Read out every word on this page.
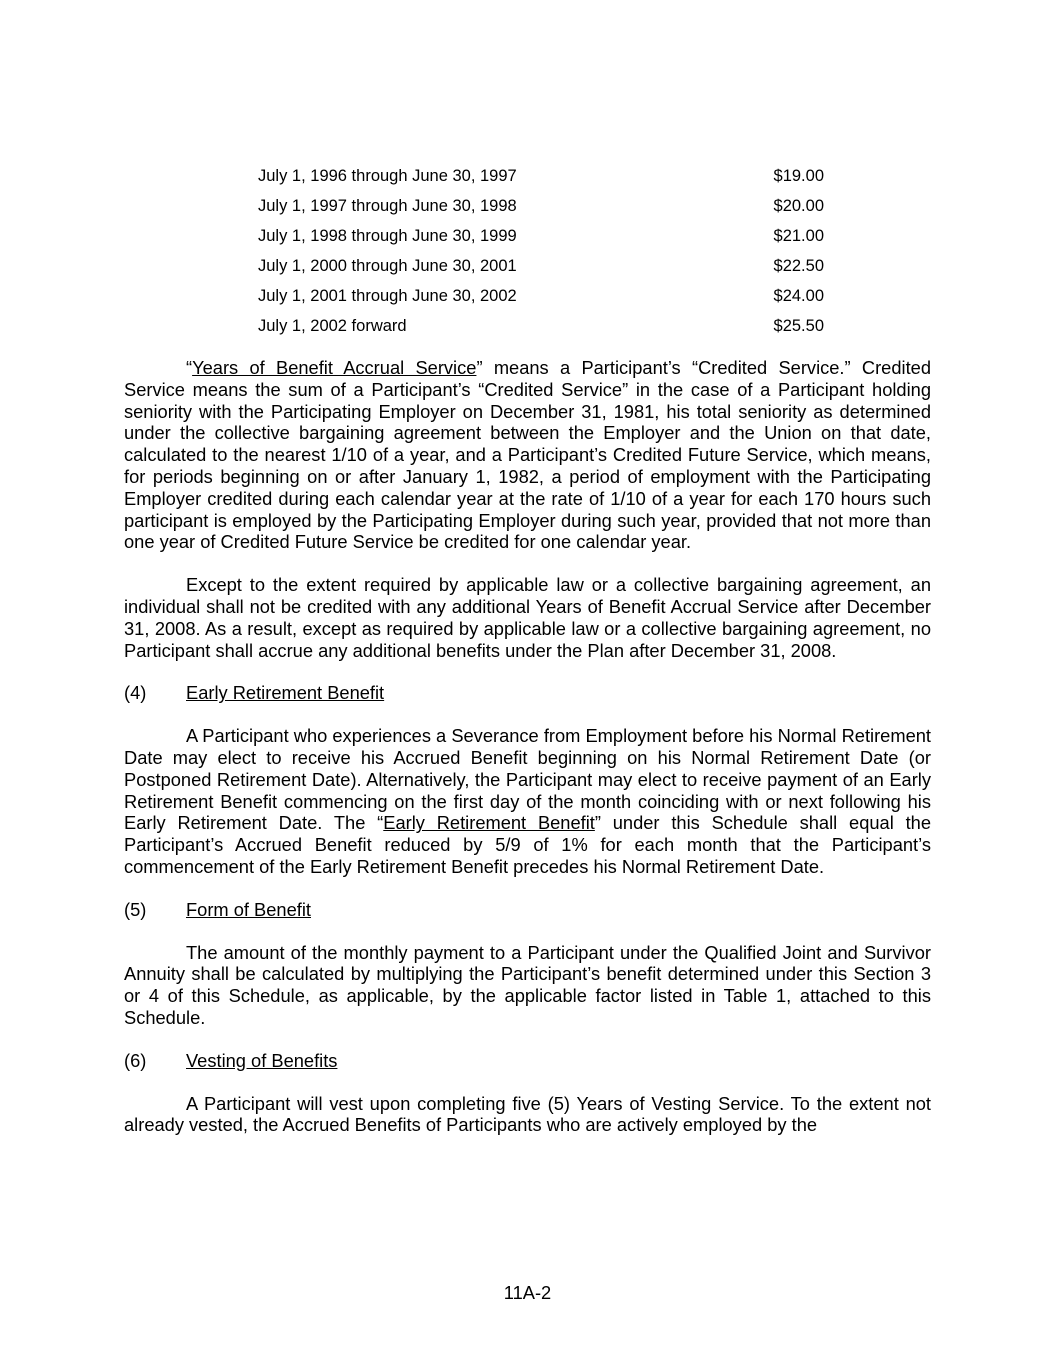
July 1, 1996 through June 30, 1997	$19.00
July 1, 1997 through June 30, 1998	$20.00
July 1, 1998 through June 30, 1999	$21.00
July 1, 2000 through June 30, 2001	$22.50
July 1, 2001 through June 30, 2002	$24.00
July 1, 2002 forward	$25.50

“Years of Benefit Accrual Service” means a Participant’s “Credited Service.” Credited Service means the sum of a Participant’s “Credited Service” in the case of a Participant holding seniority with the Participating Employer on December 31, 1981, his total seniority as determined under the collective bargaining agreement between the Employer and the Union on that date, calculated to the nearest 1/10 of a year, and a Participant’s Credited Future Service, which means, for periods beginning on or after January 1, 1982, a period of employment with the Participating Employer credited during each calendar year at the rate of 1/10 of a year for each 170 hours such participant is employed by the Participating Employer during such year, provided that not more than one year of Credited Future Service be credited for one calendar year.

Except to the extent required by applicable law or a collective bargaining agreement, an individual shall not be credited with any additional Years of Benefit Accrual Service after December 31, 2008. As a result, except as required by applicable law or a collective bargaining agreement, no Participant shall accrue any additional benefits under the Plan after December 31, 2008.

(4)	Early Retirement Benefit

A Participant who experiences a Severance from Employment before his Normal Retirement Date may elect to receive his Accrued Benefit beginning on his Normal Retirement Date (or Postponed Retirement Date). Alternatively, the Participant may elect to receive payment of an Early Retirement Benefit commencing on the first day of the month coinciding with or next following his Early Retirement Date. The “Early Retirement Benefit” under this Schedule shall equal the Participant’s Accrued Benefit reduced by 5/9 of 1% for each month that the Participant’s commencement of the Early Retirement Benefit precedes his Normal Retirement Date.

(5)	Form of Benefit

The amount of the monthly payment to a Participant under the Qualified Joint and Survivor Annuity shall be calculated by multiplying the Participant’s benefit determined under this Section 3 or 4 of this Schedule, as applicable, by the applicable factor listed in Table 1, attached to this Schedule.

(6)	Vesting of Benefits

A Participant will vest upon completing five (5) Years of Vesting Service. To the extent not already vested, the Accrued Benefits of Participants who are actively employed by the

11A-2
